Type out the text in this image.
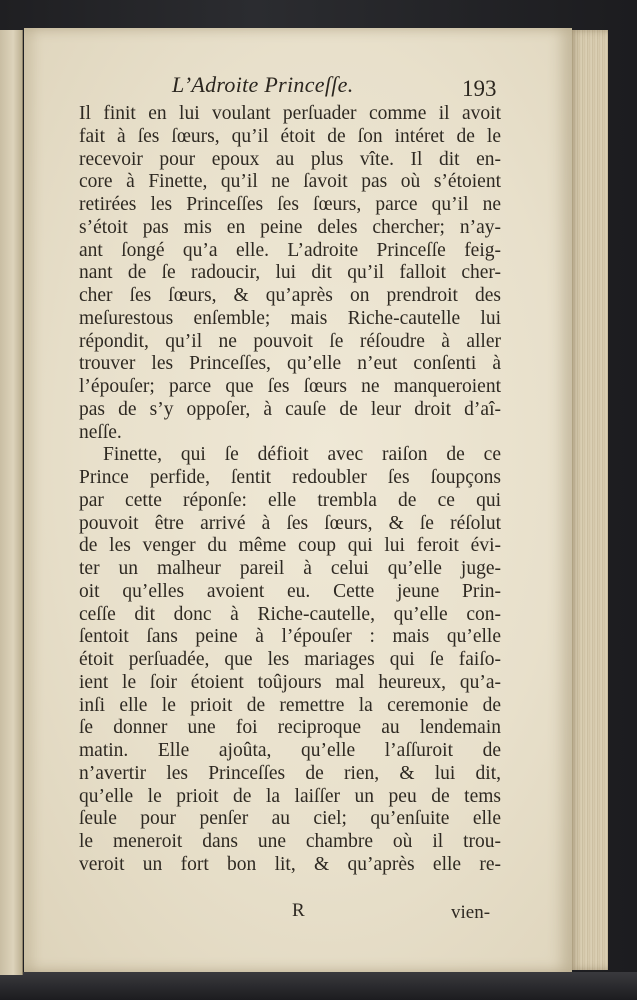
L’Adroite Princeſſe.	193
Il finit en lui voulant perſuader comme il avoit
fait à ſes ſœurs, qu’il étoit de ſon intéret de le
recevoir pour epoux au plus vîte. Il dit en-
core à Finette, qu’il ne ſavoit pas où s’étoient
retirées les Princeſſes ſes ſœurs, parce qu’il ne
s’étoit pas mis en peine deles chercher; n’ay-
ant ſongé qu’a elle. L’adroite Princeſſe feig-
nant de ſe radoucir, lui dit qu’il falloit cher-
cher ſes ſœurs, & qu’après on prendroit des
meſurestous enſemble; mais Riche-cautelle lui
répondit, qu’il ne pouvoit ſe réſoudre à aller
trouver les Princeſſes, qu’elle n’eut conſenti à
l’épouſer; parce que ſes ſœurs ne manqueroient
pas de s’y oppoſer, à cauſe de leur droit d’aî-
neſſe.
Finette, qui ſe défioit avec raiſon de ce
Prince perfide, ſentit redoubler ſes ſoupçons
par cette réponſe: elle trembla de ce qui
pouvoit être arrivé à ſes ſœurs, & ſe réſolut
de les venger du même coup qui lui feroit évi-
ter un malheur pareil à celui qu’elle juge-
oit qu’elles avoient eu. Cette jeune Prin-
ceſſe dit donc à Riche-cautelle, qu’elle con-
ſentoit ſans peine à l’épouſer : mais qu’elle
étoit perſuadée, que les mariages qui ſe faiſo-
ient le ſoir étoient toûjours mal heureux, qu’a-
inſi elle le prioit de remettre la ceremonie de
ſe donner une foi reciproque au lendemain
matin. Elle ajoûta, qu’elle l’aſſuroit de
n’avertir les Princeſſes de rien, & lui dit,
qu’elle le prioit de la laiſſer un peu de tems
ſeule pour penſer au ciel; qu’enſuite elle
le meneroit dans une chambre où il trou-
veroit un fort bon lit, & qu’après elle re-
R	vien-
